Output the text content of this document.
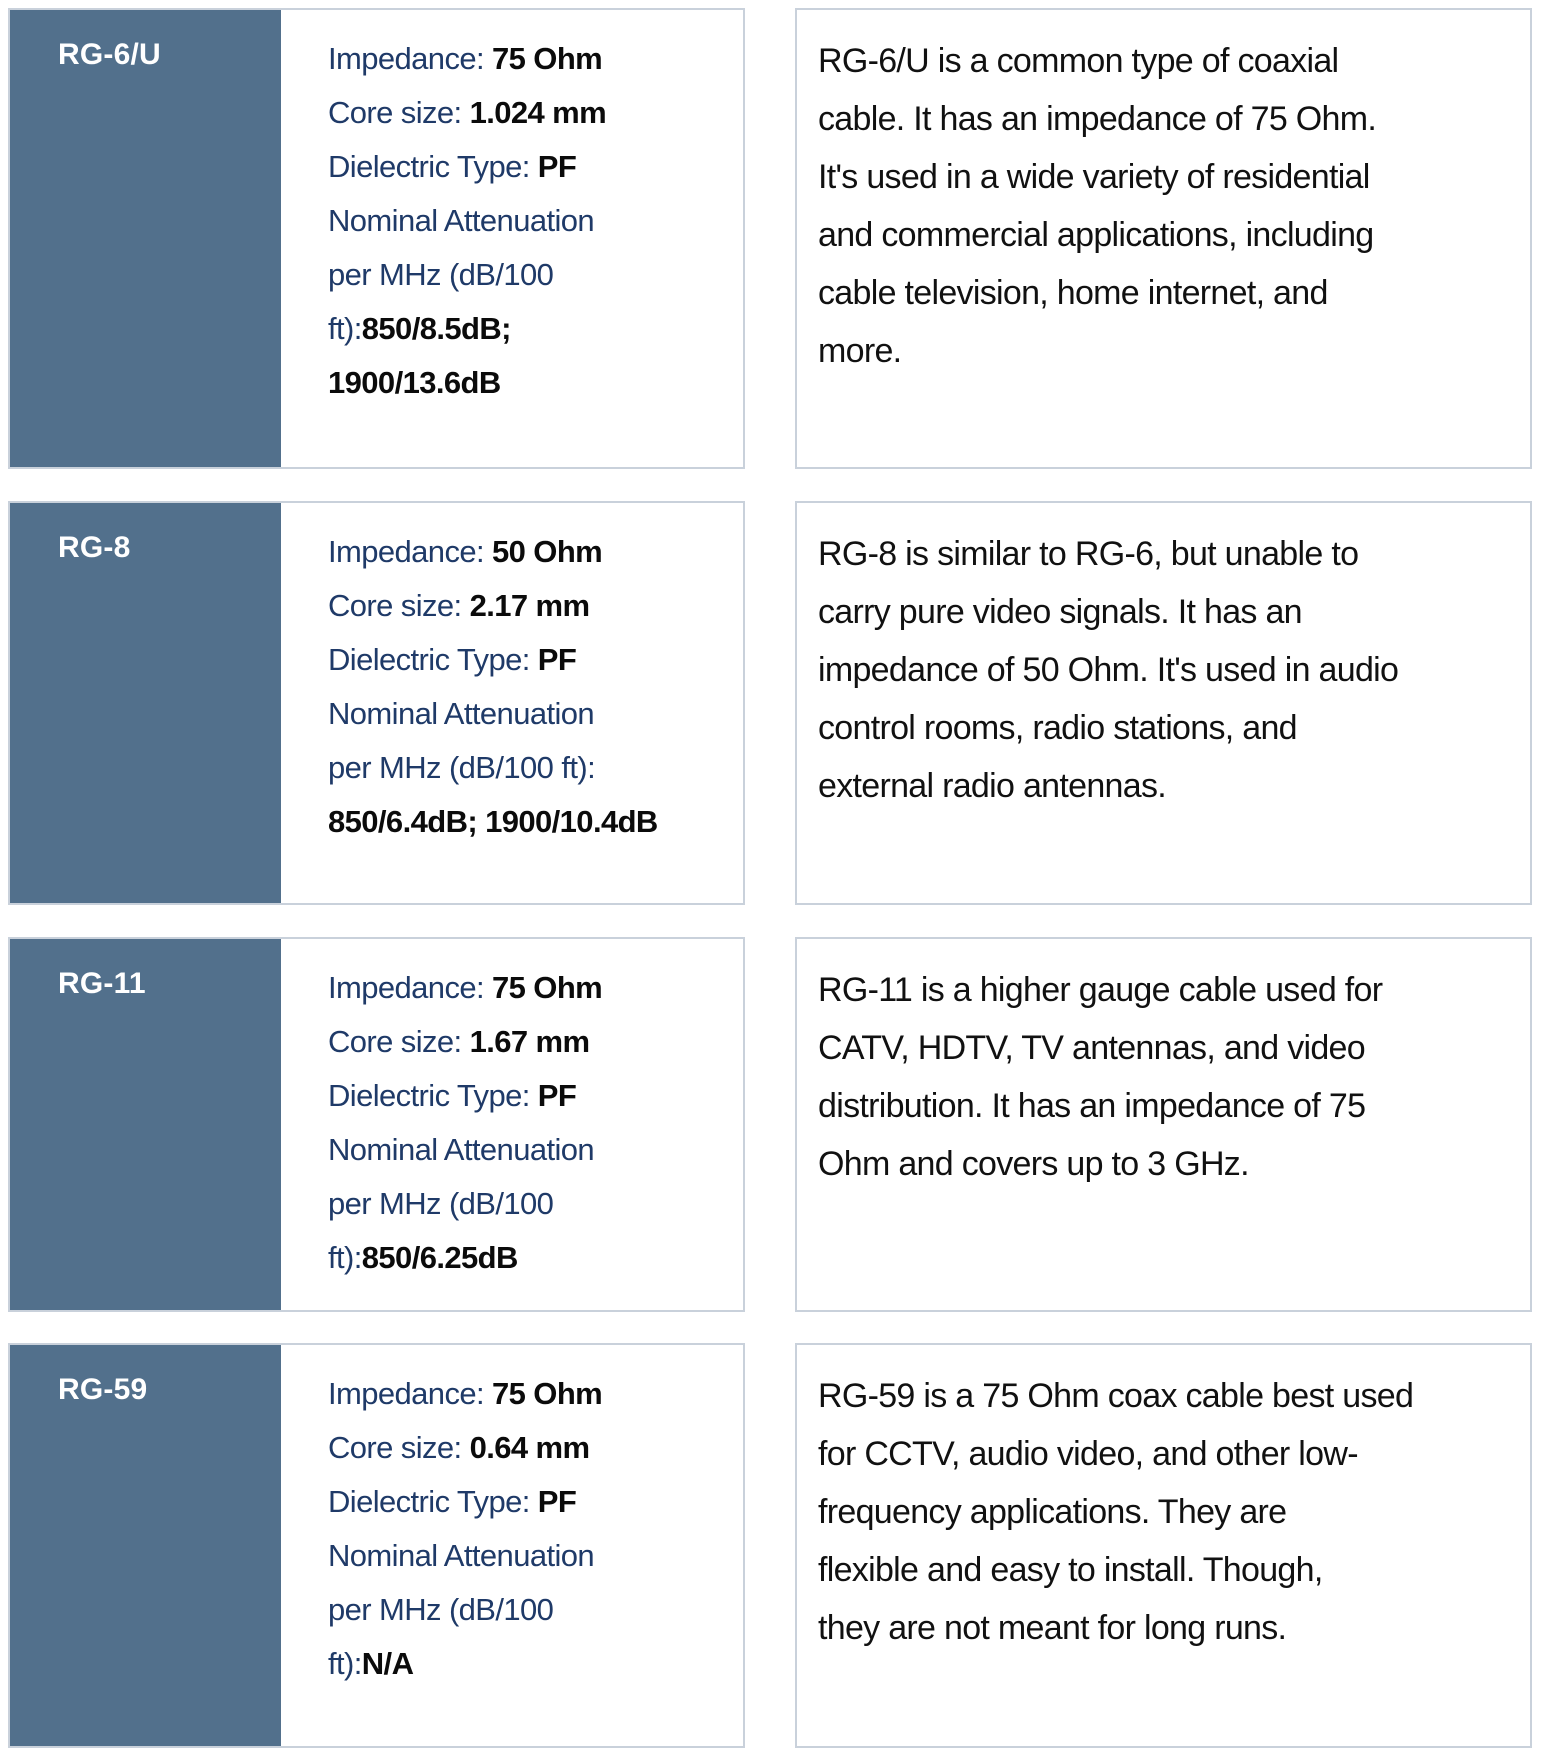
RG-6/U	Impedance: 75 Ohm
Core size: 1.024 mm
Dielectric Type: PF
Nominal Attenuation
per MHz (dB/100
ft):850/8.5dB;
1900/13.6dB
RG-6/U is a common type of coaxial
cable. It has an impedance of 75 Ohm.
It's used in a wide variety of residential
and commercial applications, including
cable television, home internet, and
more.
RG-8	Impedance: 50 Ohm
Core size: 2.17 mm
Dielectric Type: PF
Nominal Attenuation
per MHz (dB/100 ft):
850/6.4dB; 1900/10.4dB
RG-8 is similar to RG-6, but unable to
carry pure video signals. It has an
impedance of 50 Ohm. It's used in audio
control rooms, radio stations, and
external radio antennas.
RG-11	Impedance: 75 Ohm
Core size: 1.67 mm
Dielectric Type: PF
Nominal Attenuation
per MHz (dB/100
ft):850/6.25dB
RG-11 is a higher gauge cable used for
CATV, HDTV, TV antennas, and video
distribution. It has an impedance of 75
Ohm and covers up to 3 GHz.
RG-59	Impedance: 75 Ohm
Core size: 0.64 mm
Dielectric Type: PF
Nominal Attenuation
per MHz (dB/100
ft):N/A
RG-59 is a 75 Ohm coax cable best used
for CCTV, audio video, and other low-
frequency applications. They are
flexible and easy to install. Though,
they are not meant for long runs.
